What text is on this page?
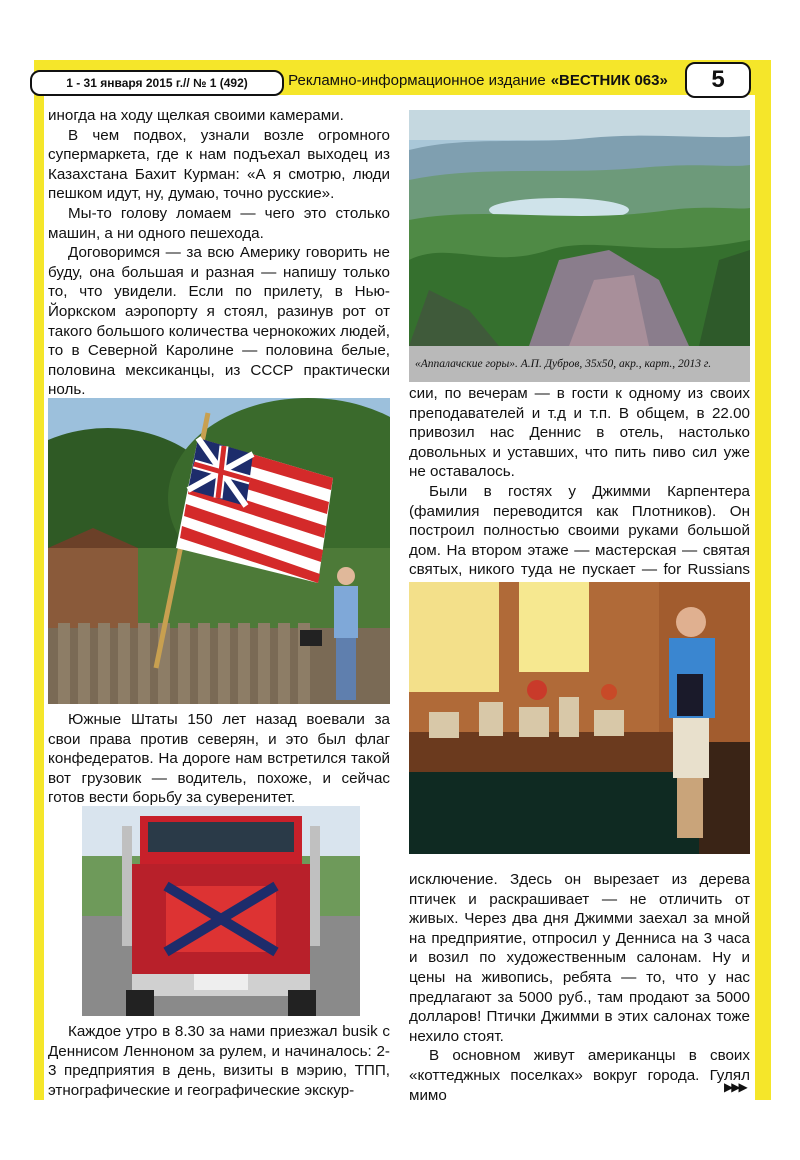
1 - 31 января 2015 г.// № 1 (492)	Рекламно-информационное издание «ВЕСТНИК 063»	5

иногда на ходу щелкая своими камерами.

В чем подвох, узнали возле огромного супермаркета, где к нам подъехал выходец из Казахстана Бахит Курман: «А я смотрю, люди пешком идут, ну, думаю, точно русские».

Мы-то голову ломаем — чего это столько машин, а ни одного пешехода.

Договоримся — за всю Америку говорить не буду, она большая и разная — напишу только то, что увидели. Если по прилету, в Нью-Йоркском аэропорту я стоял, разинув рот от такого большого количества чернокожих людей, то в Северной Каролине — половина белые, половина мексиканцы, из СССР практически ноль.

Южные Штаты 150 лет назад воевали за свои права против северян, и это был флаг конфедератов. На дороге нам встретился такой вот грузовик — водитель, похоже, и сейчас готов вести борьбу за суверенитет.

Каждое утро в 8.30 за нами приезжал busik с Деннисом Ленноном за рулем, и начиналось: 2-3 предприятия в день, визиты в мэрию, ТПП, этнографические и географические экскур-

«Аппалачские горы». А.П. Дубров, 35х50, акр., карт., 2013 г.

сии, по вечерам — в гости к одному из своих преподавателей и т.д и т.п. В общем, в 22.00 привозил нас Деннис в отель, настолько довольных и уставших, что пить пиво сил уже не оставалось.

Были в гостях у Джимми Карпентера (фамилия переводится как Плотников). Он построил полностью своими руками большой дом. На втором этаже — мастерская — святая святых, никого туда не пускает — for Russians

исключение. Здесь он вырезает из дерева птичек и раскрашивает — не отличить от живых. Через два дня Джимми заехал за мной на предприятие, отпросил у Денниса на 3 часа и возил по художественным салонам. Ну и цены на живопись, ребята — то, что у нас предлагают за 5000 руб., там продают за 5000 долларов! Птички Джимми в этих салонах тоже нехило стоят.

В основном живут американцы в своих «коттеджных поселках» вокруг города. Гулял мимо	▶▶▶
